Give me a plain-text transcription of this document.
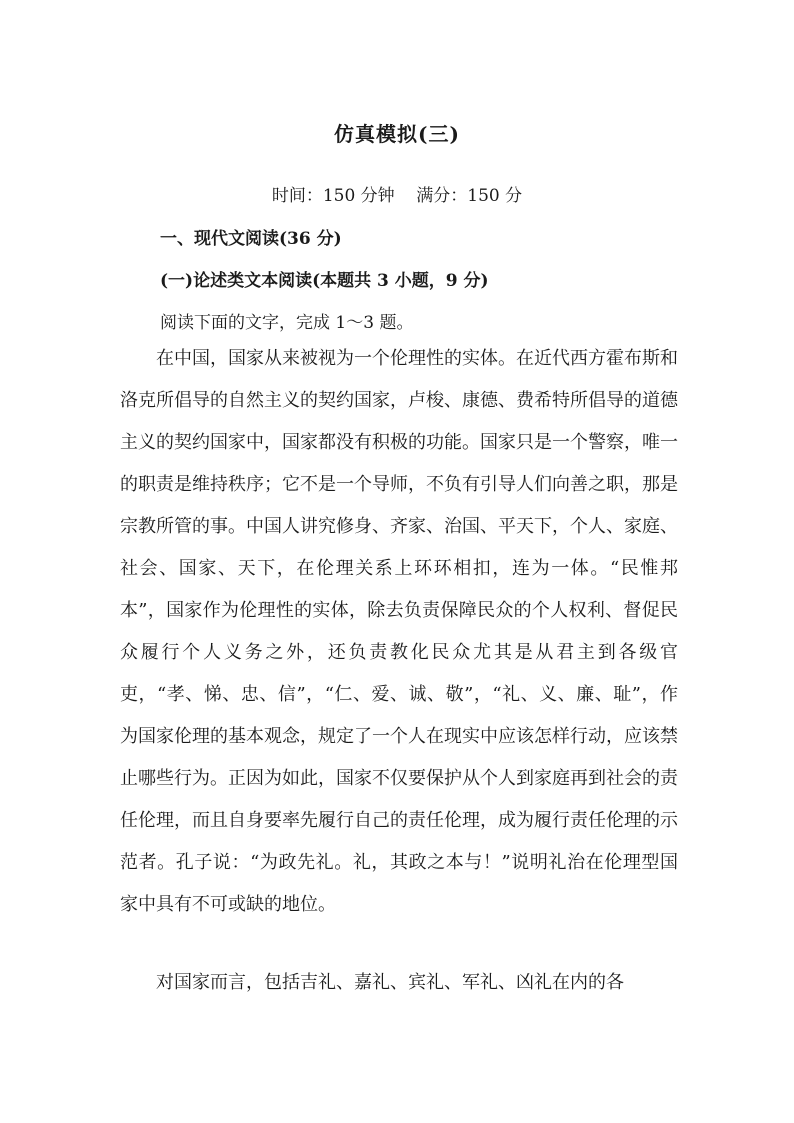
仿真模拟(三)
时间：150 分钟    满分：150 分
一、现代文阅读(36 分)
(一)论述类文本阅读(本题共 3 小题，9 分)
阅读下面的文字，完成 1～3 题。
在中国，国家从来被视为一个伦理性的实体。在近代西方霍布斯和洛克所倡导的自然主义的契约国家，卢梭、康德、费希特所倡导的道德主义的契约国家中，国家都没有积极的功能。国家只是一个警察，唯一的职责是维持秩序；它不是一个导师，不负有引导人们向善之职，那是宗教所管的事。中国人讲究修身、齐家、治国、平天下，个人、家庭、社会、国家、天下，在伦理关系上环环相扣，连为一体。“民惟邦本”，国家作为伦理性的实体，除去负责保障民众的个人权利、督促民众履行个人义务之外，还负责教化民众尤其是从君主到各级官吏，“孝、悌、忠、信”，“仁、爱、诚、敬”，“礼、义、廉、耻”，作为国家伦理的基本观念，规定了一个人在现实中应该怎样行动，应该禁止哪些行为。正因为如此，国家不仅要保护从个人到家庭再到社会的责任伦理，而且自身要率先履行自己的责任伦理，成为履行责任伦理的示范者。孔子说：“为政先礼。礼，其政之本与！”说明礼治在伦理型国家中具有不可或缺的地位。
对国家而言，包括吉礼、嘉礼、宾礼、军礼、凶礼在内的各
